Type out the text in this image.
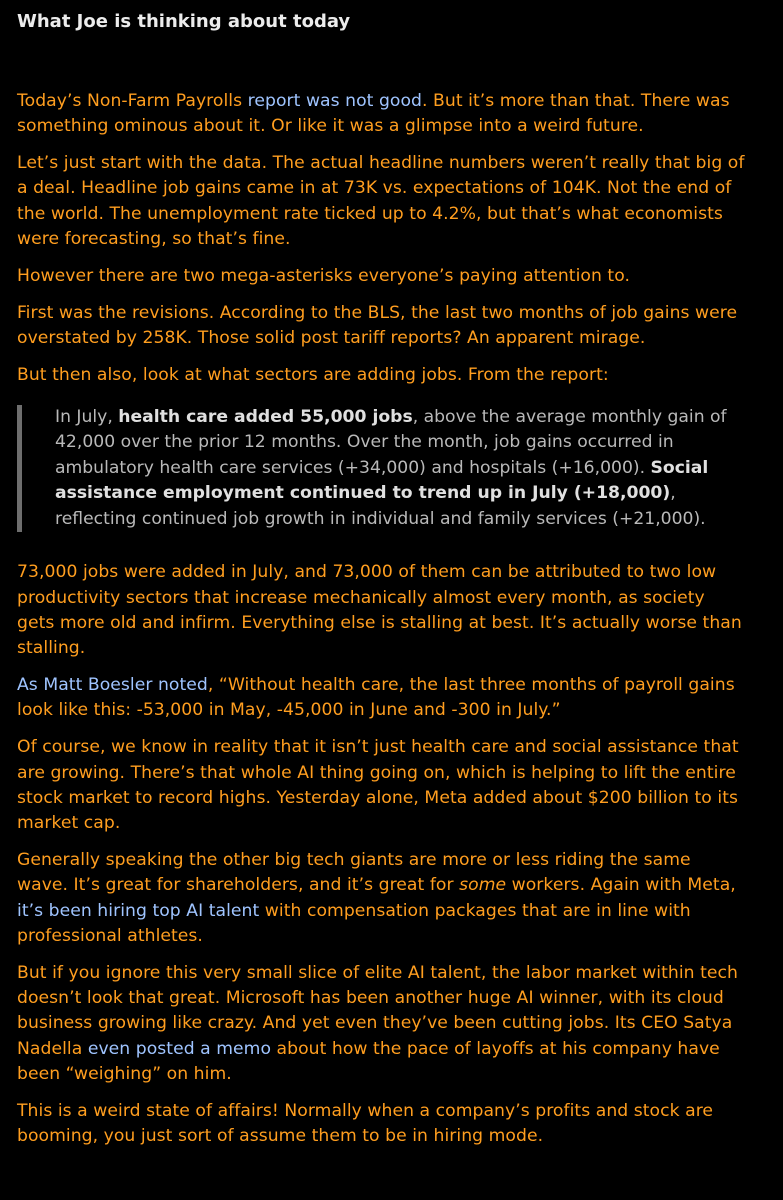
What Joe is thinking about today

Today’s Non-Farm Payrolls report was not good. But it’s more than that. There was something ominous about it. Or like it was a glimpse into a weird future.

Let’s just start with the data. The actual headline numbers weren’t really that big of a deal. Headline job gains came in at 73K vs. expectations of 104K. Not the end of the world. The unemployment rate ticked up to 4.2%, but that’s what economists were forecasting, so that’s fine.

However there are two mega-asterisks everyone’s paying attention to.

First was the revisions. According to the BLS, the last two months of job gains were overstated by 258K. Those solid post tariff reports? An apparent mirage.

But then also, look at what sectors are adding jobs. From the report:

In July, health care added 55,000 jobs, above the average monthly gain of 42,000 over the prior 12 months. Over the month, job gains occurred in ambulatory health care services (+34,000) and hospitals (+16,000). Social assistance employment continued to trend up in July (+18,000), reflecting continued job growth in individual and family services (+21,000).

73,000 jobs were added in July, and 73,000 of them can be attributed to two low productivity sectors that increase mechanically almost every month, as society gets more old and infirm. Everything else is stalling at best. It’s actually worse than stalling.

As Matt Boesler noted, “Without health care, the last three months of payroll gains look like this: -53,000 in May, -45,000 in June and -300 in July.”

Of course, we know in reality that it isn’t just health care and social assistance that are growing. There’s that whole AI thing going on, which is helping to lift the entire stock market to record highs. Yesterday alone, Meta added about $200 billion to its market cap.

Generally speaking the other big tech giants are more or less riding the same wave. It’s great for shareholders, and it’s great for some workers. Again with Meta, it’s been hiring top AI talent with compensation packages that are in line with professional athletes.

But if you ignore this very small slice of elite AI talent, the labor market within tech doesn’t look that great. Microsoft has been another huge AI winner, with its cloud business growing like crazy. And yet even they’ve been cutting jobs. Its CEO Satya Nadella even posted a memo about how the pace of layoffs at his company have been “weighing” on him.

This is a weird state of affairs! Normally when a company’s profits and stock are booming, you just sort of assume them to be in hiring mode.
